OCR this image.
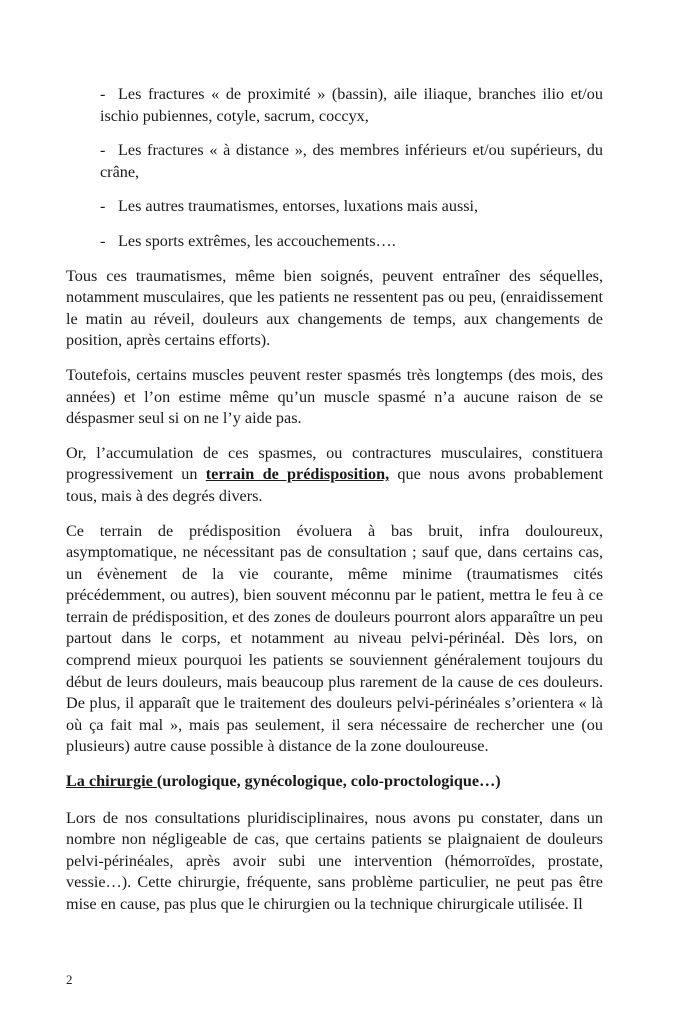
- Les fractures « de proximité » (bassin), aile iliaque, branches ilio et/ou ischio pubiennes, cotyle, sacrum, coccyx,
- Les fractures « à distance », des membres inférieurs et/ou supérieurs, du crâne,
- Les autres traumatismes, entorses, luxations mais aussi,
- Les sports extrêmes, les accouchements….

Tous ces traumatismes, même bien soignés, peuvent entraîner des séquelles, notamment musculaires, que les patients ne ressentent pas ou peu, (enraidissement le matin au réveil, douleurs aux changements de temps, aux changements de position, après certains efforts).

Toutefois, certains muscles peuvent rester spasmés très longtemps (des mois, des années) et l’on estime même qu’un muscle spasmé n’a aucune raison de se déspasmer seul si on ne l’y aide pas.

Or, l’accumulation de ces spasmes, ou contractures musculaires, constituera progressivement un terrain de prédisposition, que nous avons probablement tous, mais à des degrés divers.

Ce terrain de prédisposition évoluera à bas bruit, infra douloureux, asymptomatique, ne nécessitant pas de consultation ; sauf que, dans certains cas, un évènement de la vie courante, même minime (traumatismes cités précédemment, ou autres), bien souvent méconnu par le patient, mettra le feu à ce terrain de prédisposition, et des zones de douleurs pourront alors apparaître un peu partout dans le corps, et notamment au niveau pelvi-périnéal. Dès lors, on comprend mieux pourquoi les patients se souviennent généralement toujours du début de leurs douleurs, mais beaucoup plus rarement de la cause de ces douleurs. De plus, il apparaît que le traitement des douleurs pelvi-périnéales s’orientera « là où ça fait mal », mais pas seulement, il sera nécessaire de rechercher une (ou plusieurs) autre cause possible à distance de la zone douloureuse.

La chirurgie (urologique, gynécologique, colo-proctologique…)

Lors de nos consultations pluridisciplinaires, nous avons pu constater, dans un nombre non négligeable de cas, que certains patients se plaignaient de douleurs pelvi-périnéales, après avoir subi une intervention (hémorroïdes, prostate, vessie…). Cette chirurgie, fréquente, sans problème particulier, ne peut pas être mise en cause, pas plus que le chirurgien ou la technique chirurgicale utilisée. Il

2
